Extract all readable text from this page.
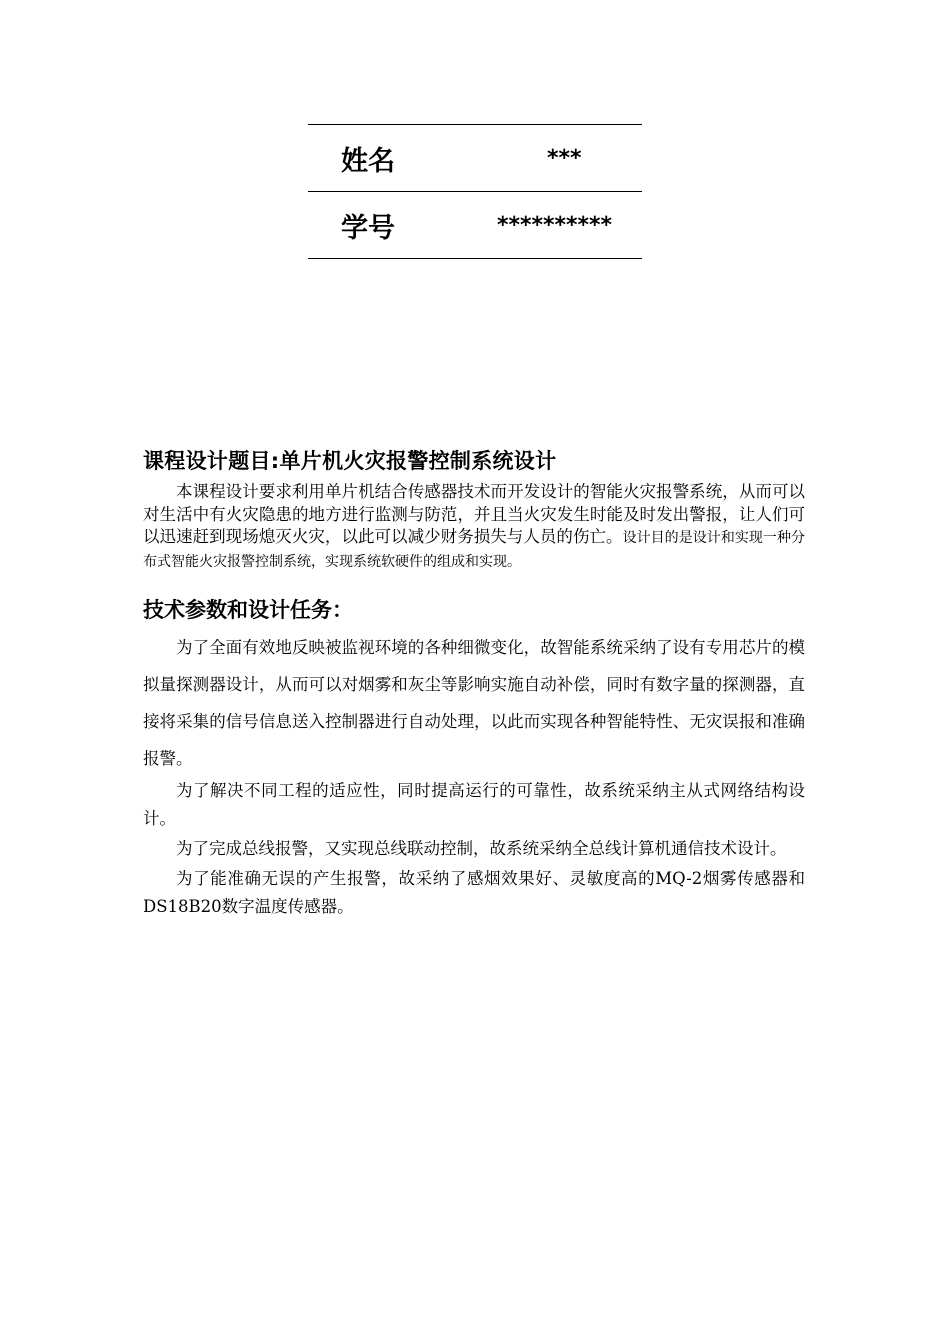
姓名	***
学号	**********
课程设计题目:单片机火灾报警控制系统设计

本课程设计要求利用单片机结合传感器技术而开发设计的智能火灾报警系统，从而可以对生活中有火灾隐患的地方进行监测与防范，并且当火灾发生时能及时发出警报，让人们可以迅速赶到现场熄灭火灾，以此可以减少财务损失与人员的伤亡。设计目的是设计和实现一种分布式智能火灾报警控制系统，实现系统软硬件的组成和实现。

技术参数和设计任务：

为了全面有效地反映被监视环境的各种细微变化，故智能系统采纳了设有专用芯片的模拟量探测器设计，从而可以对烟雾和灰尘等影响实施自动补偿，同时有数字量的探测器，直接将采集的信号信息送入控制器进行自动处理，以此而实现各种智能特性、无灾误报和准确报警。

为了解决不同工程的适应性，同时提高运行的可靠性，故系统采纳主从式网络结构设计。

为了完成总线报警，又实现总线联动控制，故系统采纳全总线计算机通信技术设计。

为了能准确无误的产生报警，故采纳了感烟效果好、灵敏度高的MQ-2烟雾传感器和DS18B20数字温度传感器。
